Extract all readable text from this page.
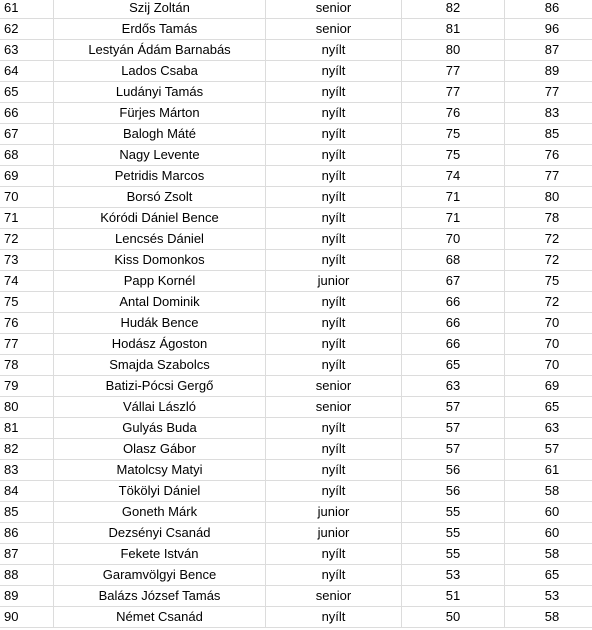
61	Szij Zoltán	senior	82	86
62	Erdős Tamás	senior	81	96
63	Lestyán Ádám Barnabás	nyílt	80	87
64	Lados Csaba	nyílt	77	89
65	Ludányi Tamás	nyílt	77	77
66	Fürjes Márton	nyílt	76	83
67	Balogh Máté	nyílt	75	85
68	Nagy Levente	nyílt	75	76
69	Petridis Marcos	nyílt	74	77
70	Borsó Zsolt	nyílt	71	80
71	Kóródi Dániel Bence	nyílt	71	78
72	Lencsés Dániel	nyílt	70	72
73	Kiss Domonkos	nyílt	68	72
74	Papp Kornél	junior	67	75
75	Antal Dominik	nyílt	66	72
76	Hudák Bence	nyílt	66	70
77	Hodász Ágoston	nyílt	66	70
78	Smajda Szabolcs	nyílt	65	70
79	Batizi-Pócsi Gergő	senior	63	69
80	Vállai László	senior	57	65
81	Gulyás Buda	nyílt	57	63
82	Olasz Gábor	nyílt	57	57
83	Matolcsy Matyi	nyílt	56	61
84	Tökölyi Dániel	nyílt	56	58
85	Goneth Márk	junior	55	60
86	Dezsényi Csanád	junior	55	60
87	Fekete István	nyílt	55	58
88	Garamvölgyi Bence	nyílt	53	65
89	Balázs József Tamás	senior	51	53
90	Német Csanád	nyílt	50	58
